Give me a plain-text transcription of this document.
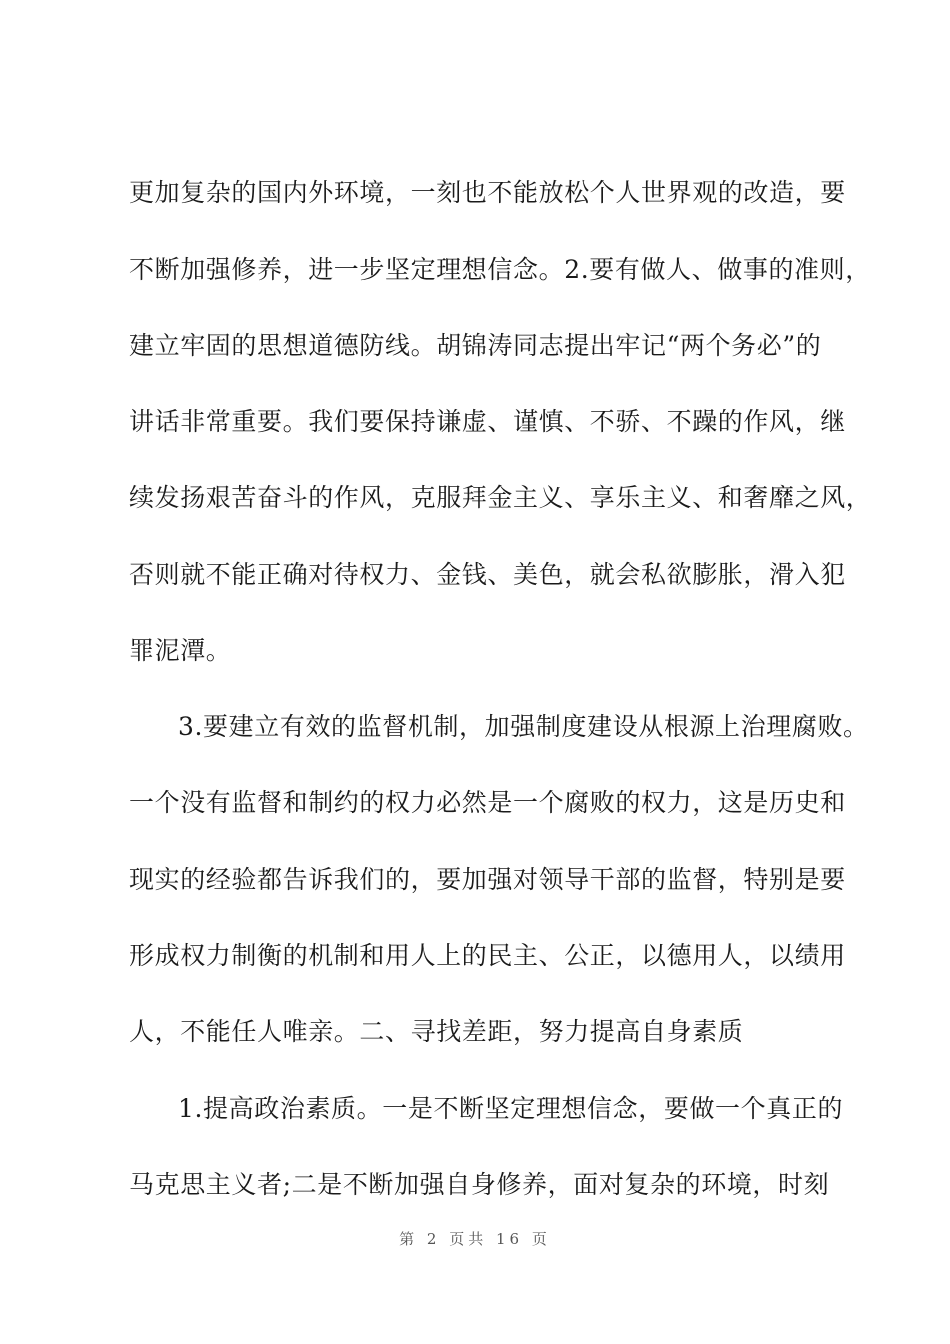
更加复杂的国内外环境，一刻也不能放松个人世界观的改造，要
不断加强修养，进一步坚定理想信念。2.要有做人、做事的准则，
建立牢固的思想道德防线。胡锦涛同志提出牢记“两个务必”的
讲话非常重要。我们要保持谦虚、谨慎、不骄、不躁的作风，继
续发扬艰苦奋斗的作风，克服拜金主义、享乐主义、和奢靡之风，
否则就不能正确对待权力、金钱、美色，就会私欲膨胀，滑入犯
罪泥潭。
3.要建立有效的监督机制，加强制度建设从根源上治理腐败。
一个没有监督和制约的权力必然是一个腐败的权力，这是历史和
现实的经验都告诉我们的，要加强对领导干部的监督，特别是要
形成权力制衡的机制和用人上的民主、公正，以德用人，以绩用
人，不能任人唯亲。二、寻找差距，努力提高自身素质
1.提高政治素质。一是不断坚定理想信念，要做一个真正的
马克思主义者;二是不断加强自身修养，面对复杂的环境，时刻
第 2 页共 16 页
